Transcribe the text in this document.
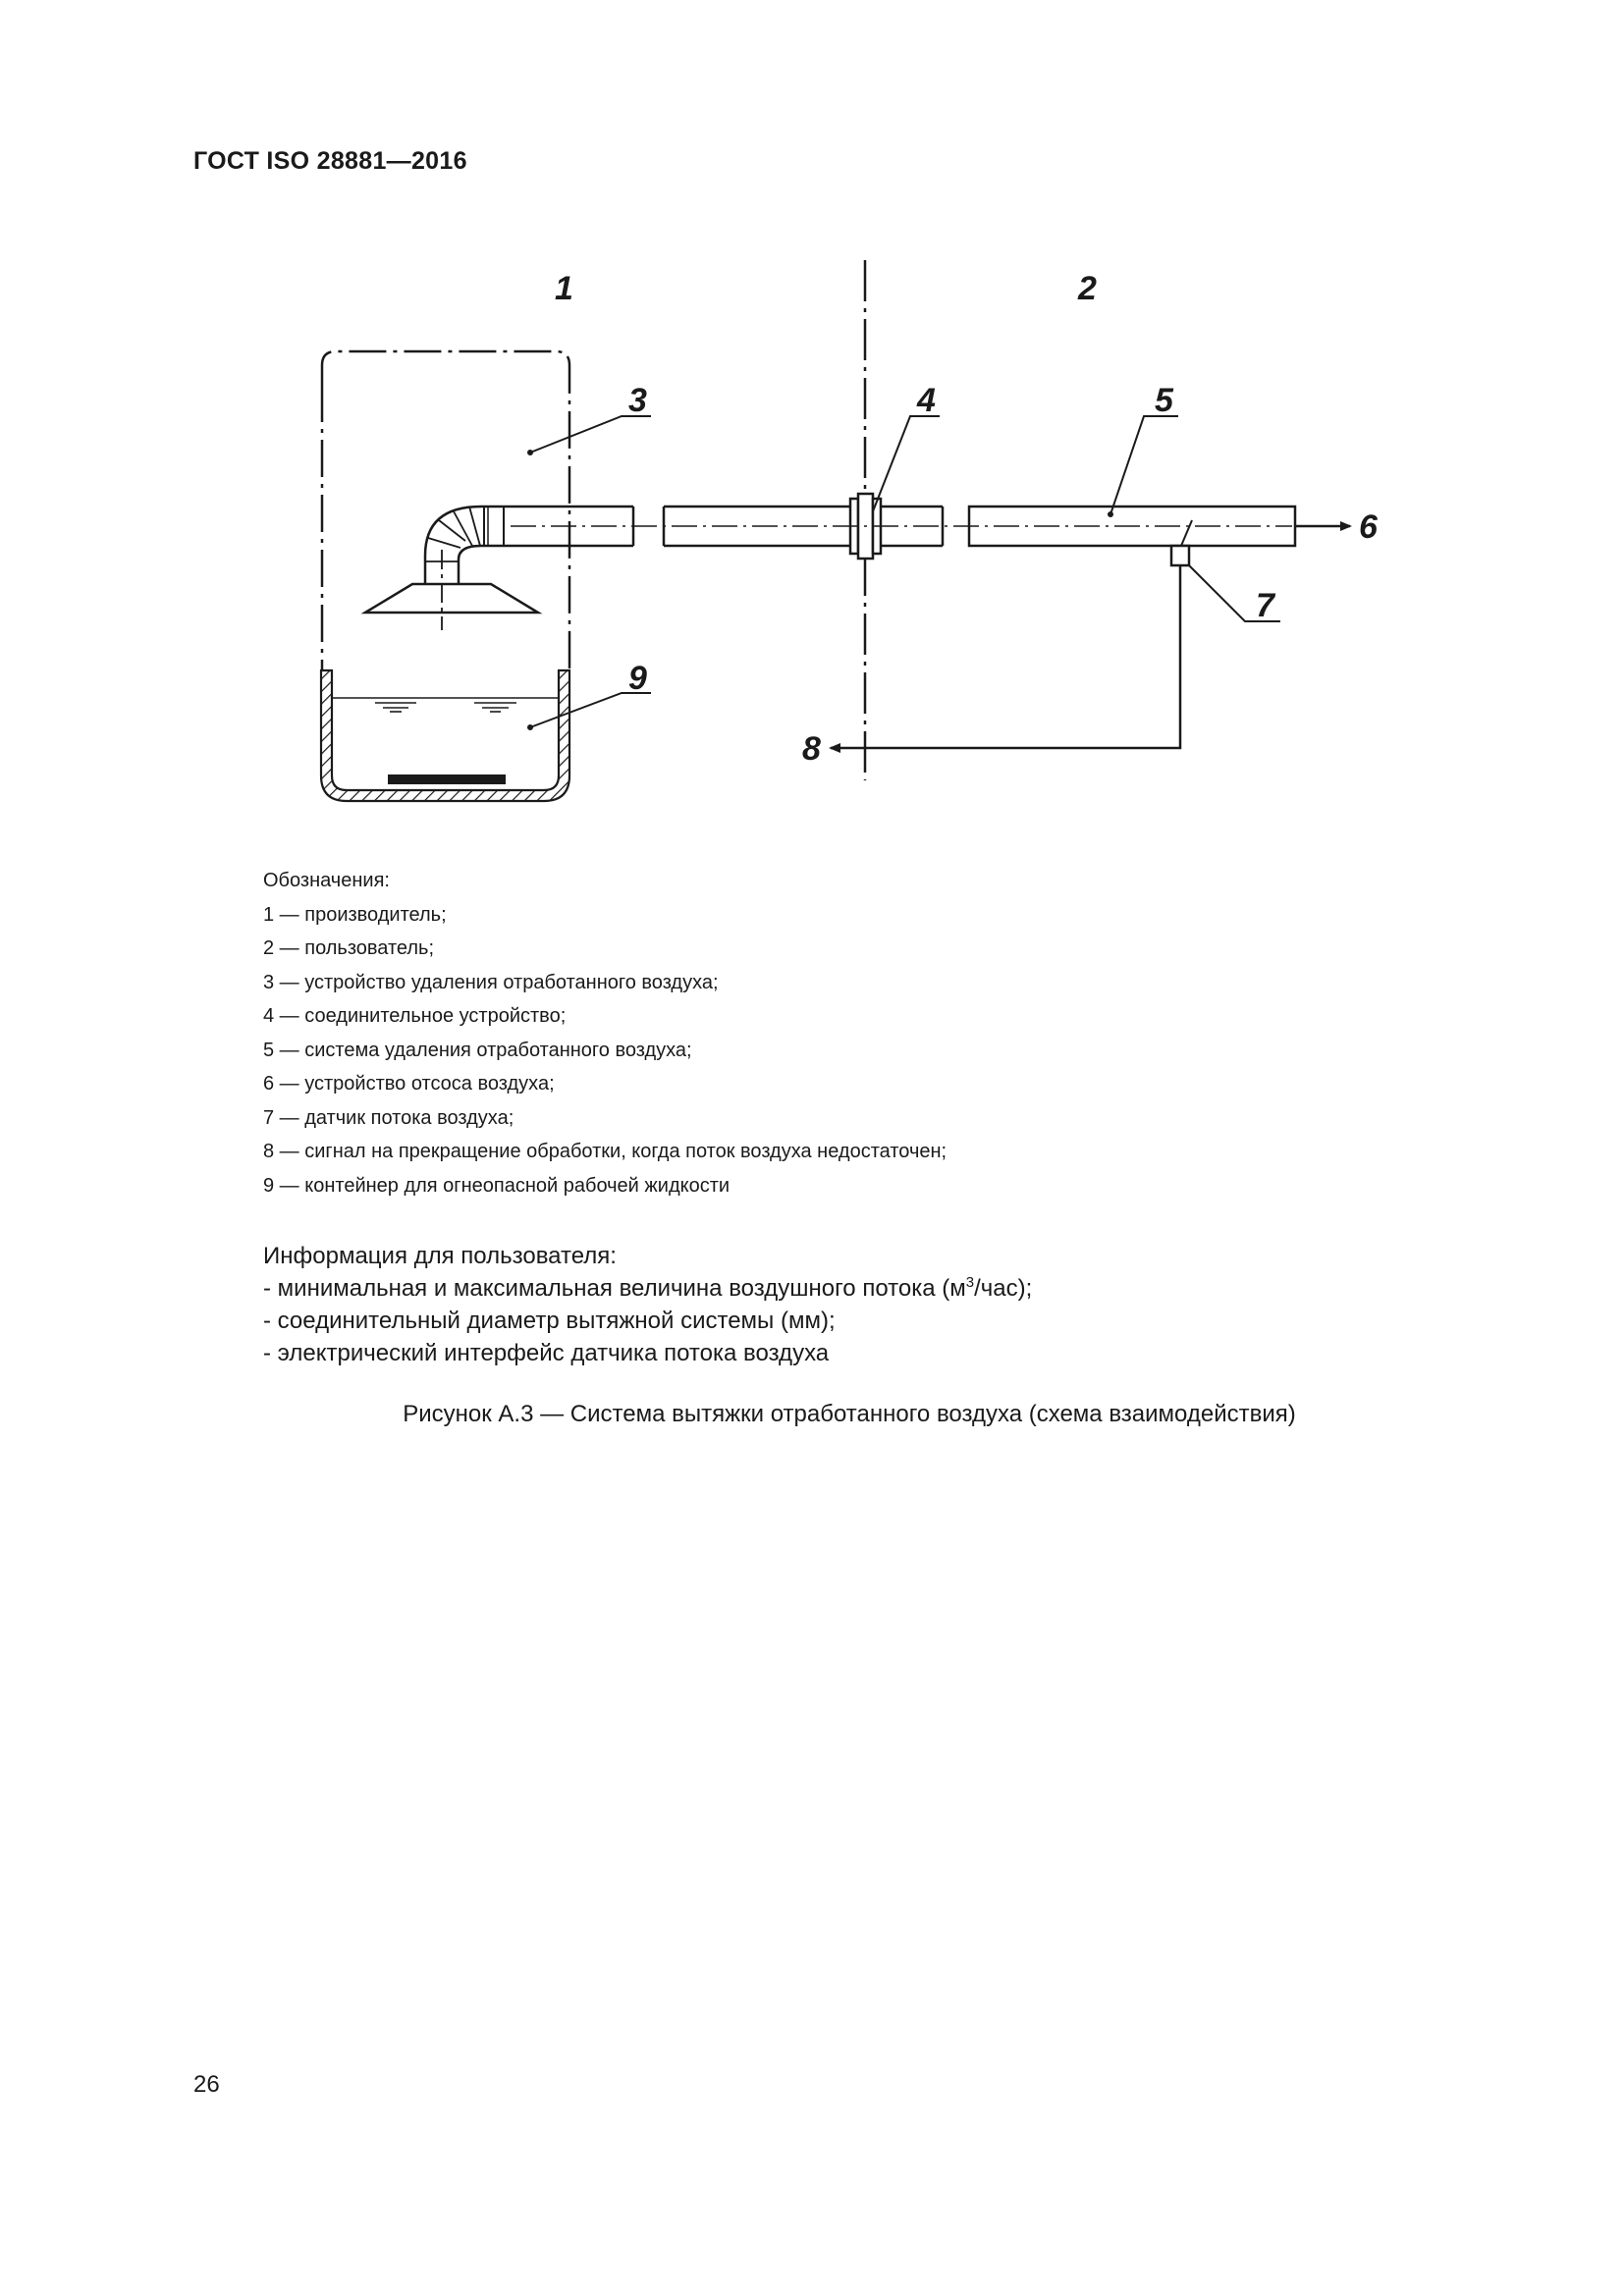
ГОСТ ISO 28881—2016
1	2
3	4	5
6
7
8
9
Обозначения:
1 — производитель;
2 — пользователь;
3 — устройство удаления отработанного воздуха;
4 — соединительное устройство;
5 — система удаления отработанного воздуха;
6 — устройство отсоса воздуха;
7 — датчик потока воздуха;
8 — сигнал на прекращение обработки, когда поток воздуха недостаточен;
9 — контейнер для огнеопасной рабочей жидкости
Информация для пользователя:
- минимальная и максимальная величина воздушного потока $(м^3/час)$;
- соединительный диаметр вытяжной системы (мм);
- электрический интерфейс датчика потока воздуха
Рисунок А.3 — Система вытяжки отработанного воздуха (схема взаимодействия)
26
